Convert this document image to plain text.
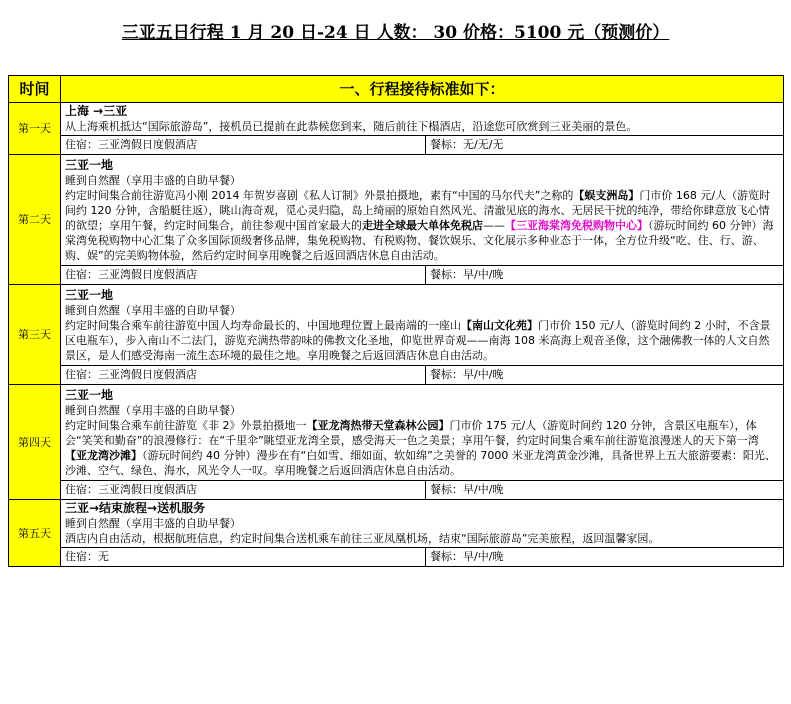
三亚五日行程 1 月 20 日-24 日 人数： 30 价格：5100 元（预测价）
时间	一、行程接待标准如下：	
第一天	上海 →三亚
从上海乘机抵达“国际旅游岛”，接机员已提前在此恭候您到来，随后前往下榻酒店，沿途您可欣赏到三亚美丽的景色。	

	住宿：三亚湾假日度假酒店	餐标：无/无/无
第二天	三亚一地
睡到自然醒（享用丰盛的自助早餐）
约定时间集合前往游览冯小刚 2014 年贺岁喜剧《私人订制》外景拍摄地，素有“中国的马尔代夫”之称的【蜈支洲岛】门市价 168 元/人（游览时间约 120 分钟，含船艇往返），眺山海奇观，觅心灵归隐，岛上绮丽的原始自然风光、清澈见底的海水、无居民干扰的纯净，带给你肆意放飞心情的欲望；享用午餐，约定时间集合，前往参观中国首家最大的走进全球最大单体免税店——【三亚海棠湾免税购物中心】（游玩时间约 60 分钟）海棠湾免税购物中心汇集了众多国际顶级奢侈品牌，集免税购物、有税购物、餐饮娱乐、文化展示多种业态于一体，全方位升级“吃、住、行、游、购、娱”的完美购物体验，然后约定时间享用晚餐之后返回酒店休息自由活动。	

	住宿：三亚湾假日度假酒店	餐标：早/中/晚
第三天	三亚一地
睡到自然醒（享用丰盛的自助早餐）
约定时间集合乘车前往游览中国人均寿命最长的、中国地理位置上最南端的一座山【南山文化苑】门市价 150 元/人（游览时间约 2 小时，不含景区电瓶车），步入南山不二法门，游览充满热带韵味的佛教文化圣地，仰览世界奇观——南海 108 米高海上观音圣像，这个融佛教一体的人文自然景区，是人们感受海南一流生态环境的最佳之地。享用晚餐之后返回酒店休息自由活动。	

	住宿：三亚湾假日度假酒店	餐标：早/中/晚
第四天	三亚一地
睡到自然醒（享用丰盛的自助早餐）
约定时间集合乘车前往游览《非 2》外景拍摄地一【亚龙湾热带天堂森林公园】门市价 175 元/人（游览时间约 120 分钟，含景区电瓶车），体会“笑笑和勤奋”的浪漫修行：在“千里伞”眺望亚龙湾全景，感受海天一色之美景；享用午餐，约定时间集合乘车前往游览浪漫迷人的天下第一湾【亚龙湾沙滩】（游玩时间约 40 分钟）漫步在有“白如雪、细如面、软如绵”之美誉的 7000 米亚龙湾黄金沙滩，具备世界上五大旅游要素：阳光、沙滩、空气、绿色、海水，风光令人一叹。享用晚餐之后返回酒店休息自由活动。	

	住宿：三亚湾假日度假酒店	餐标：早/中/晚
第五天	三亚→结束旅程→送机服务
睡到自然醒（享用丰盛的自助早餐）
酒店内自由活动，根据航班信息，约定时间集合送机乘车前往三亚凤凰机场，结束“国际旅游岛”完美旅程，返回温馨家园。	

	住宿：无	餐标：早/中/晚
